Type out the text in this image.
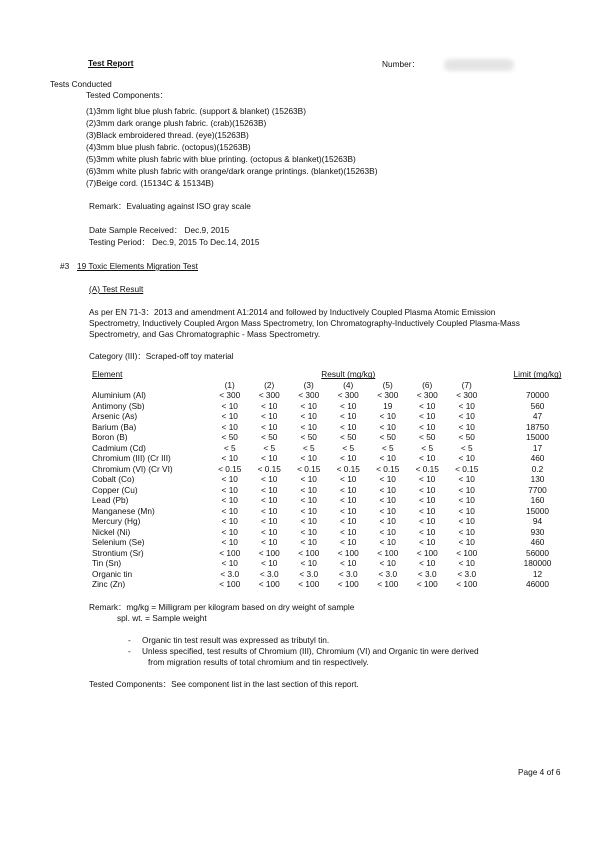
Test Report	Number：
Tests Conducted
Tested Components：
(1)3mm light blue plush fabric. (support & blanket) (15263B)
(2)3mm dark orange plush fabric. (crab)(15263B)
(3)Black embroidered thread. (eye)(15263B)
(4)3mm blue plush fabric. (octopus)(15263B)
(5)3mm white plush fabric with blue printing. (octopus & blanket)(15263B)
(6)3mm white plush fabric with orange/dark orange printings. (blanket)(15263B)
(7)Beige cord. (15134C & 15134B)
Remark：Evaluating against ISO gray scale
Date Sample Received： Dec.9, 2015
Testing Period： Dec.9, 2015 To Dec.14, 2015
#3 19 Toxic Elements Migration Test
(A) Test Result
As per EN 71-3：2013 and amendment A1:2014 and followed by Inductively Coupled Plasma Atomic Emission
Spectrometry, Inductively Coupled Argon Mass Spectrometry, Ion Chromatography-Inductively Coupled Plasma-Mass
Spectrometry, and Gas Chromatographic - Mass Spectrometry.
Category (III)：Scraped-off toy material
Element	Result (mg/kg)								Limit (mg/kg)
	(1)	(2)	(3)	(4)	(5)	(6)	(7)		
Aluminium (Al)	< 300	< 300	< 300	< 300	< 300	< 300	< 300		70000
Antimony (Sb)	< 10	< 10	< 10	< 10	19	< 10	< 10		560
Arsenic (As)	< 10	< 10	< 10	< 10	< 10	< 10	< 10		47
Barium (Ba)	< 10	< 10	< 10	< 10	< 10	< 10	< 10		18750
Boron (B)	< 50	< 50	< 50	< 50	< 50	< 50	< 50		15000
Cadmium (Cd)	< 5	< 5	< 5	< 5	< 5	< 5	< 5		17
Chromium (III) (Cr III)	< 10	< 10	< 10	< 10	< 10	< 10	< 10		460
Chromium (VI) (Cr VI)	< 0.15	< 0.15	< 0.15	< 0.15	< 0.15	< 0.15	< 0.15		0.2
Cobalt (Co)	< 10	< 10	< 10	< 10	< 10	< 10	< 10		130
Copper (Cu)	< 10	< 10	< 10	< 10	< 10	< 10	< 10		7700
Lead (Pb)	< 10	< 10	< 10	< 10	< 10	< 10	< 10		160
Manganese (Mn)	< 10	< 10	< 10	< 10	< 10	< 10	< 10		15000
Mercury (Hg)	< 10	< 10	< 10	< 10	< 10	< 10	< 10		94
Nickel (Ni)	< 10	< 10	< 10	< 10	< 10	< 10	< 10		930
Selenium (Se)	< 10	< 10	< 10	< 10	< 10	< 10	< 10		460
Strontium (Sr)	< 100	< 100	< 100	< 100	< 100	< 100	< 100		56000
Tin (Sn)	< 10	< 10	< 10	< 10	< 10	< 10	< 10		180000
Organic tin	< 3.0	< 3.0	< 3.0	< 3.0	< 3.0	< 3.0	< 3.0		12
Zinc (Zn)	< 100	< 100	< 100	< 100	< 100	< 100	< 100		46000
Remark：mg/kg = Milligram per kilogram based on dry weight of sample
spl. wt. = Sample weight
- Organic tin test result was expressed as tributyl tin.
- Unless specified, test results of Chromium (III), Chromium (VI) and Organic tin were derived
from migration results of total chromium and tin respectively.
Tested Components：See component list in the last section of this report.
Page 4 of 6
